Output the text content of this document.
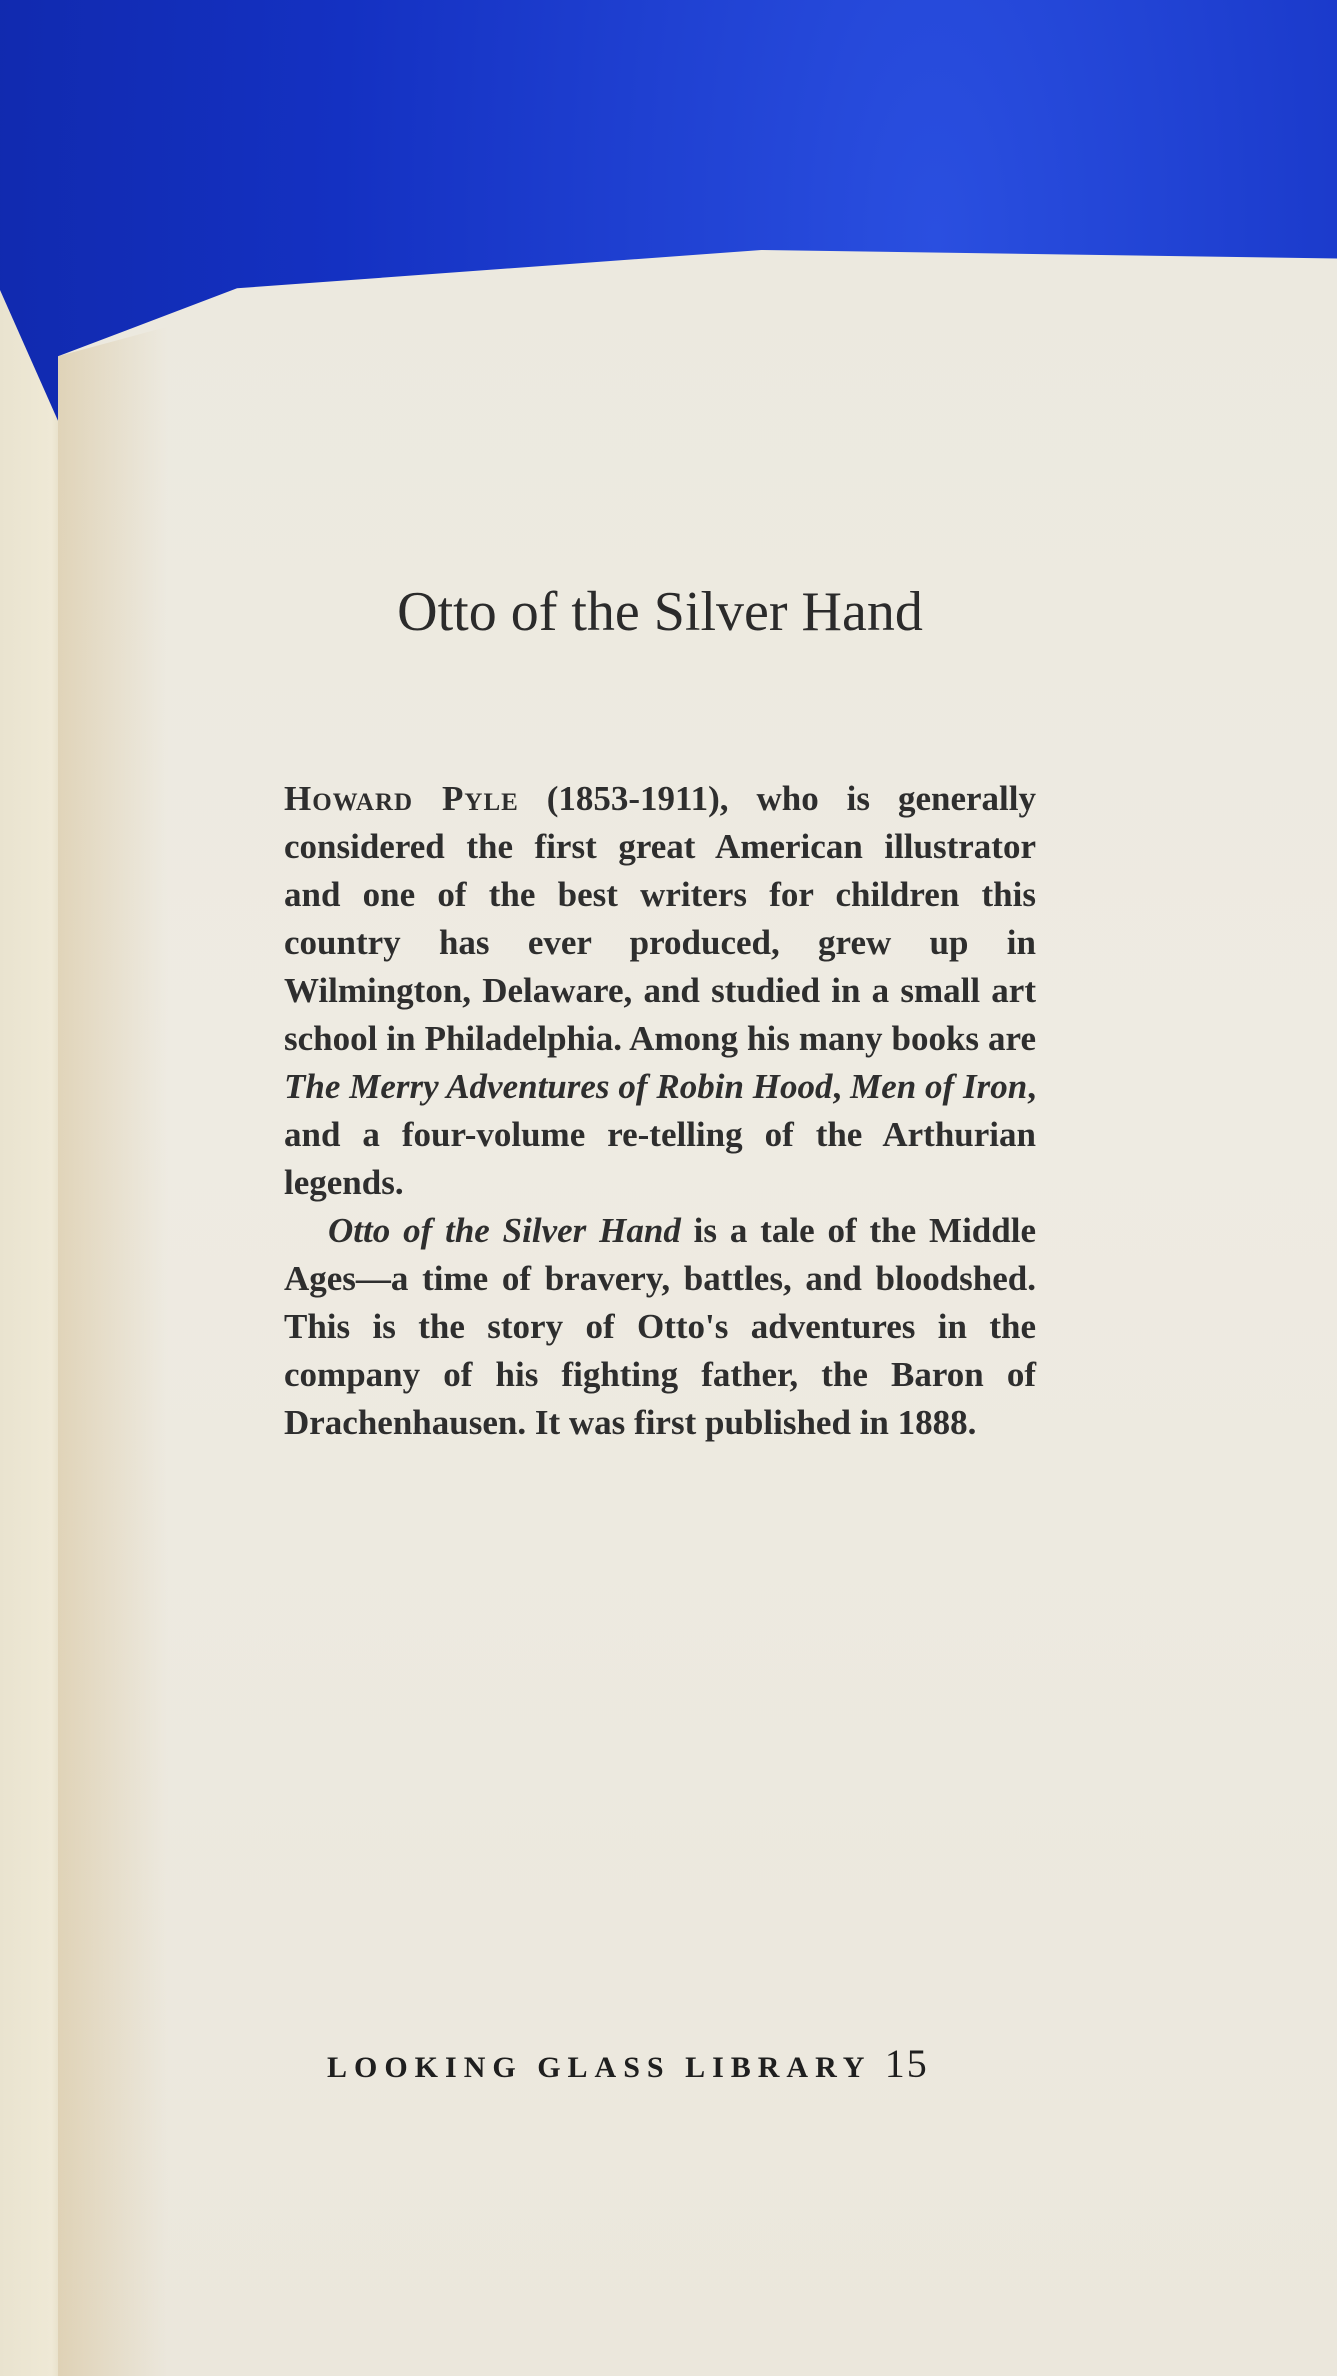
Otto of the Silver Hand

Howard Pyle (1853-1911), who is generally considered the first great American illustrator and one of the best writers for children this country has ever produced, grew up in Wilmington, Delaware, and studied in a small art school in Philadelphia. Among his many books are The Merry Adventures of Robin Hood, Men of Iron, and a four-volume re-telling of the Arthurian legends.

Otto of the Silver Hand is a tale of the Middle Ages—a time of bravery, battles, and bloodshed. This is the story of Otto's adventures in the company of his fighting father, the Baron of Drachenhausen. It was first published in 1888.

LOOKING GLASS LIBRARY 15
